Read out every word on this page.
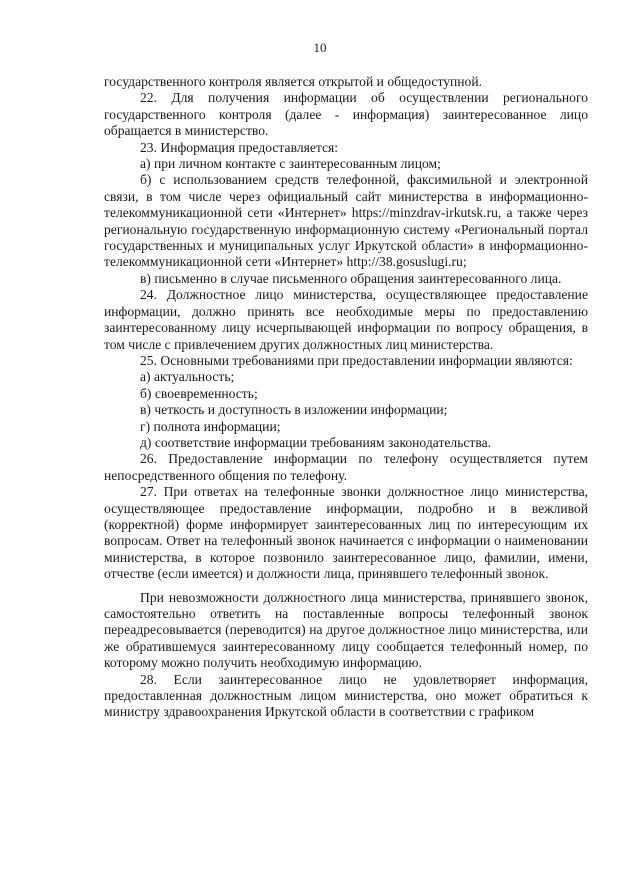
10

государственного контроля является открытой и общедоступной.

22. Для получения информации об осуществлении регионального государственного контроля (далее - информация) заинтересованное лицо обращается в министерство.

23. Информация предоставляется:

а) при личном контакте с заинтересованным лицом;

б) с использованием средств телефонной, факсимильной и электронной связи, в том числе через официальный сайт министерства в информационно-телекоммуникационной сети «Интернет» https://minzdrav-irkutsk.ru, а также через региональную государственную информационную систему «Региональный портал государственных и муниципальных услуг Иркутской области» в информационно-телекоммуникационной сети «Интернет» http://38.gosuslugi.ru;

в) письменно в случае письменного обращения заинтересованного лица.

24. Должностное лицо министерства, осуществляющее предоставление информации, должно принять все необходимые меры по предоставлению заинтересованному лицу исчерпывающей информации по вопросу обращения, в том числе с привлечением других должностных лиц министерства.

25. Основными требованиями при предоставлении информации являются:

а) актуальность;

б) своевременность;

в) четкость и доступность в изложении информации;

г) полнота информации;

д) соответствие информации требованиям законодательства.

26. Предоставление информации по телефону осуществляется путем непосредственного общения по телефону.

27. При ответах на телефонные звонки должностное лицо министерства, осуществляющее предоставление информации, подробно и в вежливой (корректной) форме информирует заинтересованных лиц по интересующим их вопросам. Ответ на телефонный звонок начинается с информации о наименовании министерства, в которое позвонило заинтересованное лицо, фамилии, имени, отчестве (если имеется) и должности лица, принявшего телефонный звонок.

При невозможности должностного лица министерства, принявшего звонок, самостоятельно ответить на поставленные вопросы телефонный звонок переадресовывается (переводится) на другое должностное лицо министерства, или же обратившемуся заинтересованному лицу сообщается телефонный номер, по которому можно получить необходимую информацию.

28. Если заинтересованное лицо не удовлетворяет информация, предоставленная должностным лицом министерства, оно может обратиться к министру здравоохранения Иркутской области в соответствии с графиком
